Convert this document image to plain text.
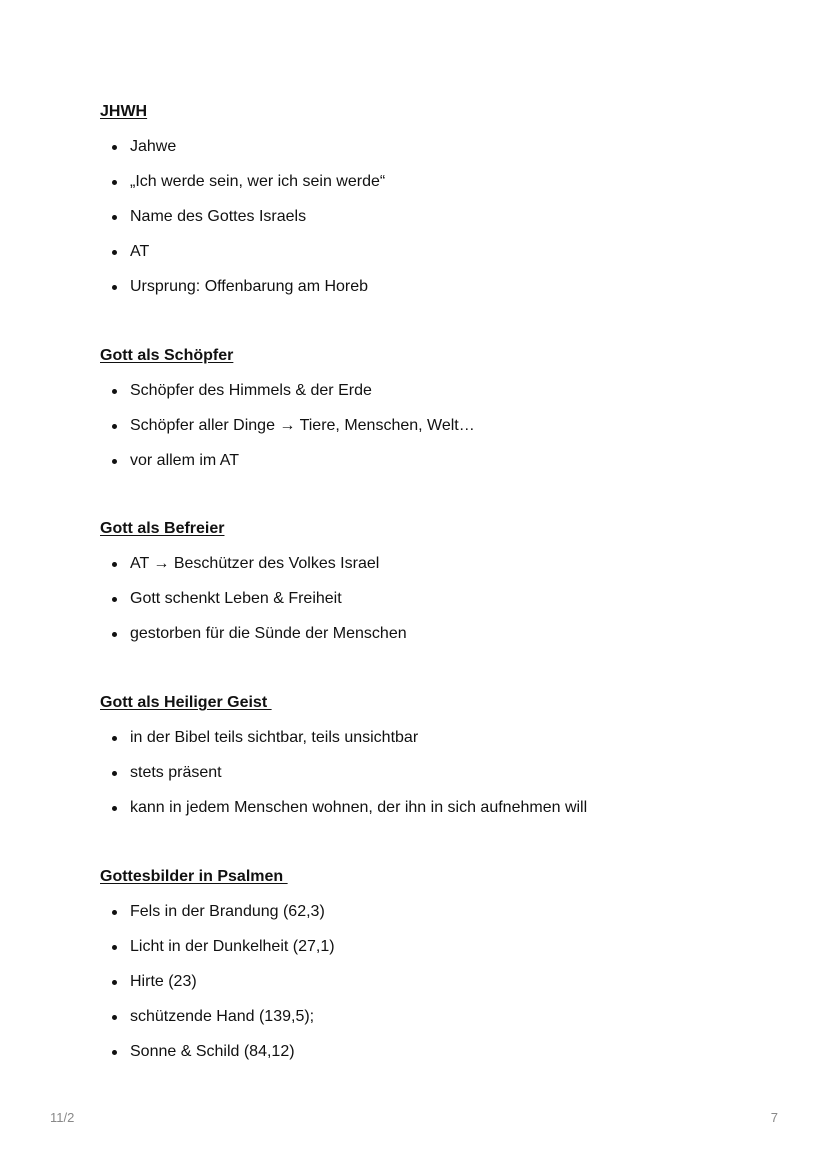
JHWH
Jahwe
„Ich werde sein, wer ich sein werde“
Name des Gottes Israels
AT
Ursprung: Offenbarung am Horeb
Gott als Schöpfer
Schöpfer des Himmels & der Erde
Schöpfer aller Dinge → Tiere, Menschen, Welt…
vor allem im AT
Gott als Befreier
AT → Beschützer des Volkes Israel
Gott schenkt Leben & Freiheit
gestorben für die Sünde der Menschen
Gott als Heiliger Geist
in der Bibel teils sichtbar, teils unsichtbar
stets präsent
kann in jedem Menschen wohnen, der ihn in sich aufnehmen will
Gottesbilder in Psalmen
Fels in der Brandung (62,3)
Licht in der Dunkelheit (27,1)
Hirte (23)
schützende Hand (139,5);
Sonne & Schild (84,12)
11/2	7
